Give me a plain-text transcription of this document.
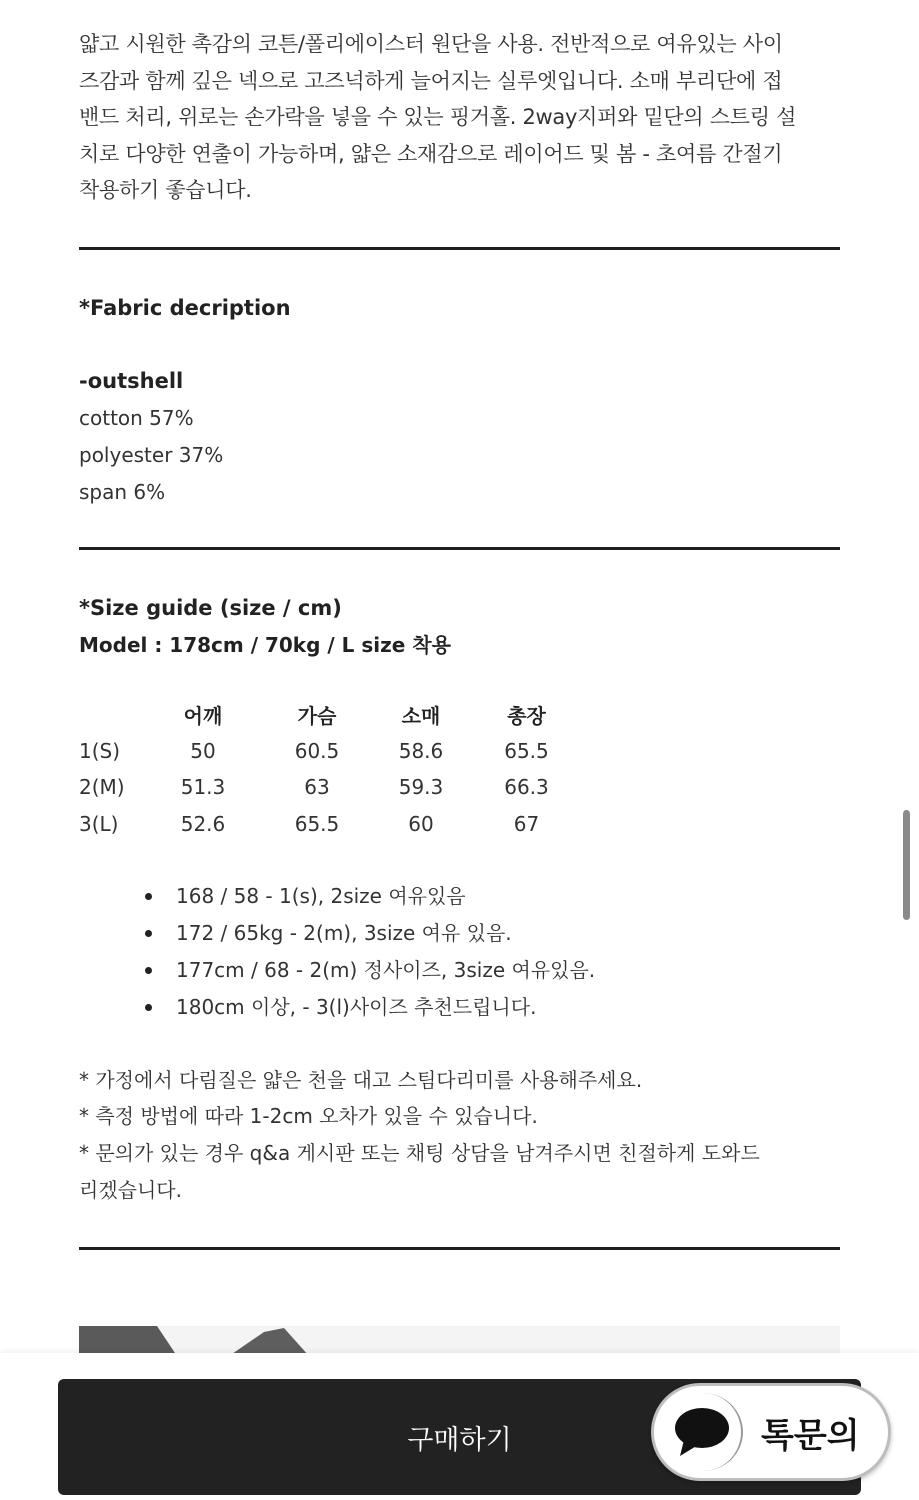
얇고 시원한 촉감의 코튼/폴리에이스터 원단을 사용. 전반적으로 여유있는 사이
즈감과 함께 깊은 넥으로 고즈넉하게 늘어지는 실루엣입니다. 소매 부리단에 접
밴드 처리, 위로는 손가락을 넣을 수 있는 핑거홀. 2way지퍼와 밑단의 스트링 설
치로 다양한 연출이 가능하며, 얇은 소재감으로 레이어드 및 봄 - 초여름 간절기
착용하기 좋습니다.
*Fabric decription
-outshell
cotton 57%
polyester 37%
span 6%
*Size guide (size / cm)
Model : 178cm / 70kg / L size 착용
	어깨	가슴	소매	총장
1(S)	50	60.5	58.6	65.5
2(M)	51.3	63	59.3	66.3
3(L)	52.6	65.5	60	67
168 / 58 - 1(s), 2size 여유있음
172 / 65kg - 2(m), 3size 여유 있음.
177cm / 68 - 2(m) 정사이즈, 3size 여유있음.
180cm 이상, - 3(l)사이즈 추천드립니다.
* 가정에서 다림질은 얇은 천을 대고 스팀다리미를 사용해주세요.
* 측정 방법에 따라 1-2cm 오차가 있을 수 있습니다.
* 문의가 있는 경우 q&a 게시판 또는 채팅 상담을 남겨주시면 친절하게 도와드
리겠습니다.
구매하기	톡문의
